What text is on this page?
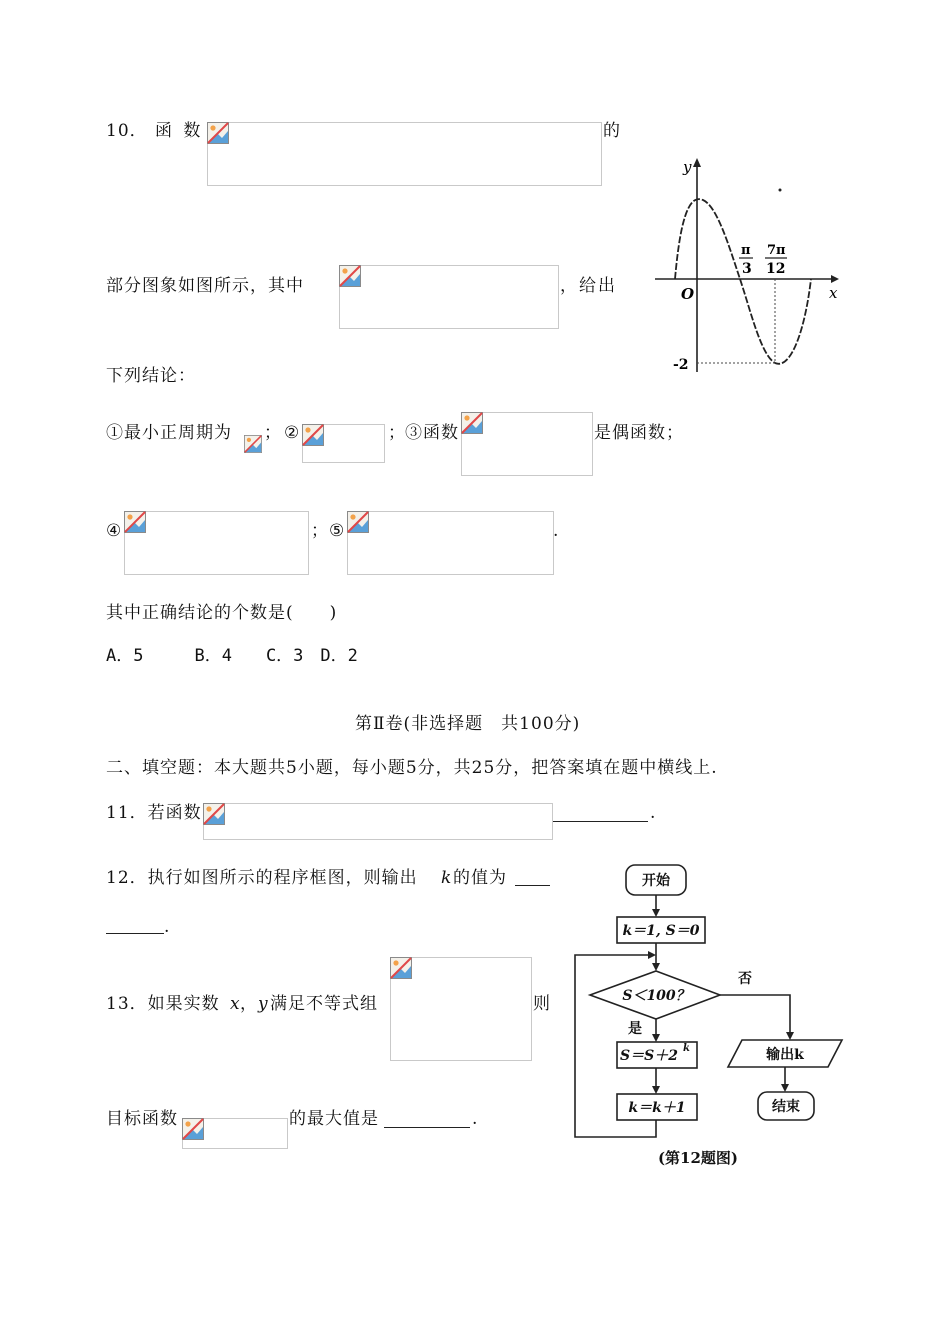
10． 函 数	的
部分图象如图所示，其中	，给出
下列结论：
①最小正周期为 ； ②	； ③函数	是偶函数；
④	； ⑤	.
其中正确结论的个数是(　　)
A．5　　　B．4　　C．3　D．2
y
x
O
π
3
7π
12
-2
第Ⅱ卷(非选择题　共100分)
二、填空题：本大题共5小题，每小题5分，共25分，把答案填在题中横线上.
11．若函数	.
12．执行如图所示的程序框图，则输出 k 的值为
.
13．如果实数 x ， y 满足不等式组	则
目标函数	的最大值是	.
开始
k＝1, S＝0
S＜100？
否
是
S＝S＋2 k
k＝k＋1
输出k
结束
(第12题图)
